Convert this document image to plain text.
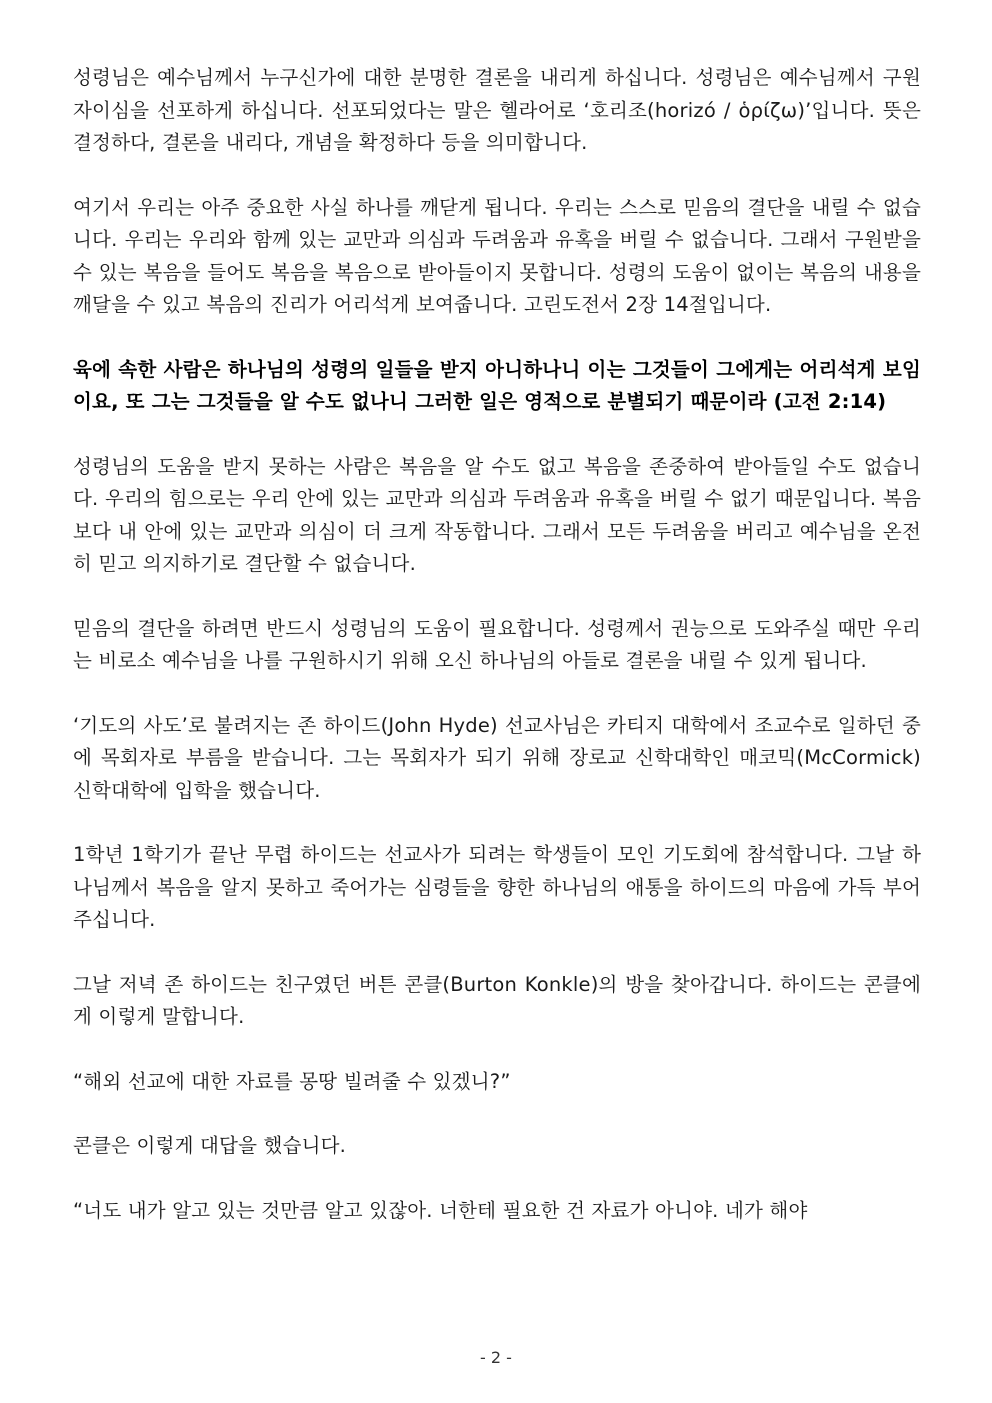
성령님은 예수님께서 누구신가에 대한 분명한 결론을 내리게 하십니다. 성령님은 예수님께서 구원자이심을 선포하게 하십니다. 선포되었다는 말은 헬라어로 ‘호리조(horizó / ὁρίζω)’입니다. 뜻은 결정하다, 결론을 내리다, 개념을 확정하다 등을 의미합니다.

여기서 우리는 아주 중요한 사실 하나를 깨닫게 됩니다. 우리는 스스로 믿음의 결단을 내릴 수 없습니다. 우리는 우리와 함께 있는 교만과 의심과 두려움과 유혹을 버릴 수 없습니다. 그래서 구원받을 수 있는 복음을 들어도 복음을 복음으로 받아들이지 못합니다. 성령의 도움이 없이는 복음의 내용을 깨달을 수 있고 복음의 진리가 어리석게 보여줍니다. 고린도전서 2장 14절입니다.

육에 속한 사람은 하나님의 성령의 일들을 받지 아니하나니 이는 그것들이 그에게는 어리석게 보임이요, 또 그는 그것들을 알 수도 없나니 그러한 일은 영적으로 분별되기 때문이라 (고전 2:14)

성령님의 도움을 받지 못하는 사람은 복음을 알 수도 없고 복음을 존중하여 받아들일 수도 없습니다. 우리의 힘으로는 우리 안에 있는 교만과 의심과 두려움과 유혹을 버릴 수 없기 때문입니다. 복음보다 내 안에 있는 교만과 의심이 더 크게 작동합니다. 그래서 모든 두려움을 버리고 예수님을 온전히 믿고 의지하기로 결단할 수 없습니다.

믿음의 결단을 하려면 반드시 성령님의 도움이 필요합니다. 성령께서 권능으로 도와주실 때만 우리는 비로소 예수님을 나를 구원하시기 위해 오신 하나님의 아들로 결론을 내릴 수 있게 됩니다.

‘기도의 사도’로 불려지는 존 하이드(John Hyde) 선교사님은 카티지 대학에서 조교수로 일하던 중에 목회자로 부름을 받습니다. 그는 목회자가 되기 위해 장로교 신학대학인 매코믹(McCormick) 신학대학에 입학을 했습니다.

1학년 1학기가 끝난 무렵 하이드는 선교사가 되려는 학생들이 모인 기도회에 참석합니다. 그날 하나님께서 복음을 알지 못하고 죽어가는 심령들을 향한 하나님의 애통을 하이드의 마음에 가득 부어주십니다.

그날 저녁 존 하이드는 친구였던 버튼 콘클(Burton Konkle)의 방을 찾아갑니다. 하이드는 콘클에게 이렇게 말합니다.

“해외 선교에 대한 자료를 몽땅 빌려줄 수 있겠니?”

콘클은 이렇게 대답을 했습니다.

“너도 내가 알고 있는 것만큼 알고 있잖아. 너한테 필요한 건 자료가 아니야. 네가 해야

- 2 -
